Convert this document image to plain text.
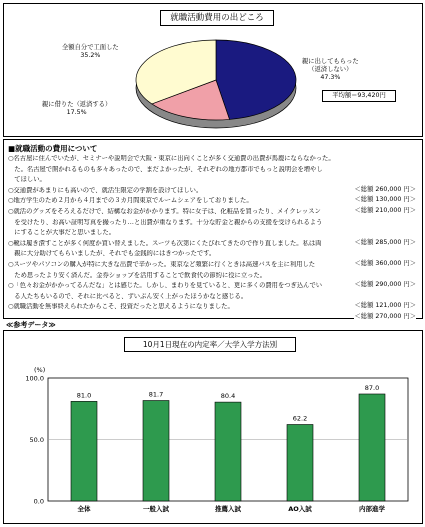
就職活動費用の出どころ
全額自分で工面した
35.2%
親に出してもらった
（返済しない）
47.3%
親に借りた（返済する）
17.5%
平均額＝93,420円
■就職活動の費用について
○名古屋に住んでいたが、セミナーや説明会で大阪・東京に出向くことが多く交通費の出費が馬鹿にならなかった。
　た。名古屋で開かれるものも多々あったので、まだよかったが、それぞれの地方都市でもっと説明会を増やし
　てほしい。
○交通費があまりにも高いので、就活生限定の学割を設けてほしい。
○地方学生のため２月から４月までの３カ月間東京でルームシェアをしておりました。
○就活のグッズをそろえるだけで、結構なお金がかかります。特に女子は、化粧品を買ったり、メイクレッスン
　を受けたり、お高い証明写真を撮ったり…と出費が重なります。十分な貯金と親からの支援を受けられるよう
　にすることが大事だと思いました。
○靴は履き潰すことが多く何度か買い替えました。スーツも次第にくたびれてきたので作り直しました。私は両
　親に大分助けてもらいましたが、それでも金銭的にはきつかったです。
○スーツやパソコンの購入が特に大きな出費で辛かった。東京など頻繁に行くときは高速バスを主に利用した
　ため思ったより安く済んだ。金券ショップを活用することで飲食代の節約に役に立った。
○「色々お金がかかってるんだな」とは感じた。しかし、まわりを見ていると、更に多くの費用をつぎ込んでい
　る人たちもいるので、それに比べると、ずいぶん安く上がったほうかなと感じる。
○就職活動を無事終えられたからこそ、投資だったと思えるようになりました。
＜総額 260,000 円＞
＜総額 130,000 円＞
＜総額 210,000 円＞
＜総額 285,000 円＞
＜総額 360,000 円＞
＜総額 290,000 円＞
＜総額 121,000 円＞
＜総額 270,000 円＞
≪参考データ≫
0.0
50.0
100.0
(%)
81.0
全体
81.7
一般入試
80.4
推薦入試
62.2
AO入試
87.0
内部進学
10月1日現在の内定率／大学入学方法別
